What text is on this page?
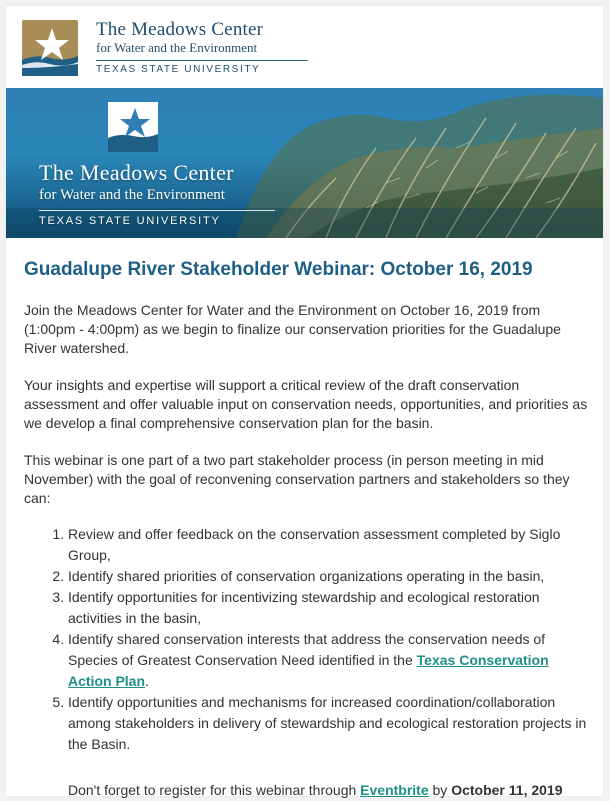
The Meadows Center
for Water and the Environment
TEXAS STATE UNIVERSITY
The Meadows Center
for Water and the Environment
TEXAS STATE UNIVERSITY
Guadalupe River Stakeholder Webinar: October 16, 2019

Join the Meadows Center for Water and the Environment on October 16, 2019 from (1:00pm - 4:00pm) as we begin to finalize our conservation priorities for the Guadalupe River watershed.

Your insights and expertise will support a critical review of the draft conservation assessment and offer valuable input on conservation needs, opportunities, and priorities as we develop a final comprehensive conservation plan for the basin.

This webinar is one part of a two part stakeholder process (in person meeting in mid November) with the goal of reconvening conservation partners and stakeholders so they can:

1. Review and offer feedback on the conservation assessment completed by Siglo Group,
2. Identify shared priorities of conservation organizations operating in the basin,
3. Identify opportunities for incentivizing stewardship and ecological restoration activities in the basin,
4. Identify shared conservation interests that address the conservation needs of Species of Greatest Conservation Need identified in the Texas Conservation Action Plan.
5. Identify opportunities and mechanisms for increased coordination/collaboration among stakeholders in delivery of stewardship and ecological restoration projects in the Basin.
Don't forget to register for this webinar through Eventbrite by October 11, 2019
